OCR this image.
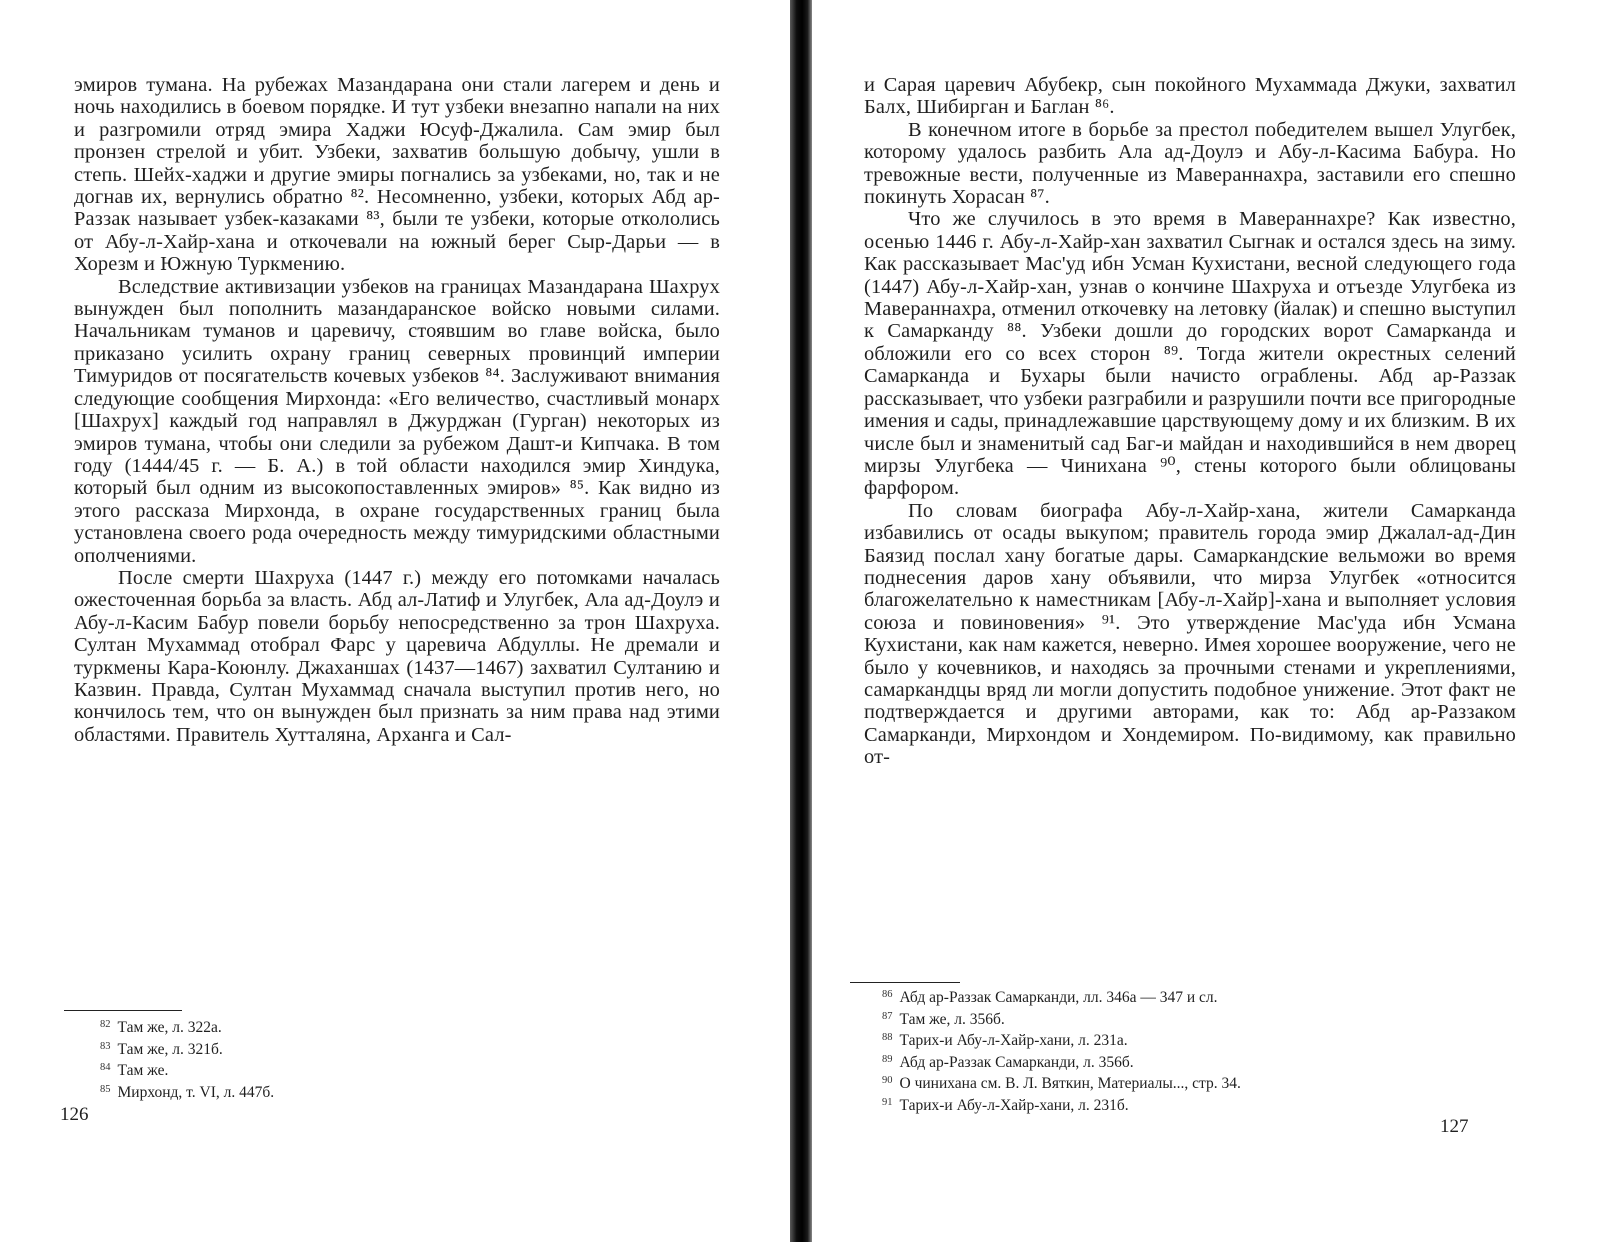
эмиров тумана. На рубежах Мазандарана они стали лагерем и день и ночь находились в боевом порядке. И тут узбеки внезапно напали на них и разгромили отряд эмира Хаджи Юсуф-Джалила. Сам эмир был пронзен стрелой и убит. Узбеки, захватив большую добычу, ушли в степь. Шейх-хаджи и другие эмиры погнались за узбеками, но, так и не догнав их, вернулись обратно ⁸². Несомненно, узбеки, которых Абд ар-Раззак называет узбек-казаками ⁸³, были те узбеки, которые откололись от Абу-л-Хайр-хана и откочевали на южный берег Сыр-Дарьи — в Хорезм и Южную Туркмению.

Вследствие активизации узбеков на границах Мазандарана Шахрух вынужден был пополнить мазандаранское войско новыми силами. Начальникам туманов и царевичу, стоявшим во главе войска, было приказано усилить охрану границ северных провинций империи Тимуридов от посягательств кочевых узбеков ⁸⁴. Заслуживают внимания следующие сообщения Мирхонда: «Его величество, счастливый монарх [Шахрух] каждый год направлял в Джурджан (Гурган) некоторых из эмиров тумана, чтобы они следили за рубежом Дашт-и Кипчака. В том году (1444/45 г. — Б. А.) в той области находился эмир Хиндука, который был одним из высокопоставленных эмиров» ⁸⁵. Как видно из этого рассказа Мирхонда, в охране государственных границ была установлена своего рода очередность между тимуридскими областными ополчениями.

После смерти Шахруха (1447 г.) между его потомками началась ожесточенная борьба за власть. Абд ал-Латиф и Улугбек, Ала ад-Доулэ и Абу-л-Касим Бабур повели борьбу непосредственно за трон Шахруха. Султан Мухаммад отобрал Фарс у царевича Абдуллы. Не дремали и туркмены Кара-Коюнлу. Джаханшах (1437—1467) захватил Султанию и Казвин. Правда, Султан Мухаммад сначала выступил против него, но кончилось тем, что он вынужден был признать за ним права над этими областями. Правитель Хутталяна, Арханга и Сал-

$^{82}$ Там же, л. 322а.
$^{83}$ Там же, л. 321б.
$^{84}$ Там же.
$^{85}$ Мирхонд, т. VI, л. 447б.
126

и Сарая царевич Абубекр, сын покойного Мухаммада Джуки, захватил Балх, Шибирган и Баглан ⁸⁶.

В конечном итоге в борьбе за престол победителем вышел Улугбек, которому удалось разбить Ала ад-Доулэ и Абу-л-Касима Бабура. Но тревожные вести, полученные из Мавераннахра, заставили его спешно покинуть Хорасан ⁸⁷.

Что же случилось в это время в Мавераннахре? Как известно, осенью 1446 г. Абу-л-Хайр-хан захватил Сыгнак и остался здесь на зиму. Как рассказывает Мас'уд ибн Усман Кухистани, весной следующего года (1447) Абу-л-Хайр-хан, узнав о кончине Шахруха и отъезде Улугбека из Мавераннахра, отменил откочевку на летовку (йалак) и спешно выступил к Самарканду ⁸⁸. Узбеки дошли до городских ворот Самарканда и обложили его со всех сторон ⁸⁹. Тогда жители окрестных селений Самарканда и Бухары были начисто ограблены. Абд ар-Раззак рассказывает, что узбеки разграбили и разрушили почти все пригородные имения и сады, принадлежавшие царствующему дому и их близким. В их числе был и знаменитый сад Баг-и майдан и находившийся в нем дворец мирзы Улугбека — Чинихана ⁹⁰, стены которого были облицованы фарфором.

По словам биографа Абу-л-Хайр-хана, жители Самарканда избавились от осады выкупом; правитель города эмир Джалал-ад-Дин Баязид послал хану богатые дары. Самаркандские вельможи во время поднесения даров хану объявили, что мирза Улугбек «относится благожелательно к наместникам [Абу-л-Хайр]-хана и выполняет условия союза и повиновения» ⁹¹. Это утверждение Мас'уда ибн Усмана Кухистани, как нам кажется, неверно. Имея хорошее вооружение, чего не было у кочевников, и находясь за прочными стенами и укреплениями, самаркандцы вряд ли могли допустить подобное унижение. Этот факт не подтверждается и другими авторами, как то: Абд ар-Раззаком Самарканди, Мирхондом и Хондемиром. По-видимому, как правильно от-

$^{86}$ Абд ар-Раззак Самарканди, лл. 346а — 347 и сл.
$^{87}$ Там же, л. 356б.
$^{88}$ Тарих-и Абу-л-Хайр-хани, л. 231а.
$^{89}$ Абд ар-Раззак Самарканди, л. 356б.
$^{90}$ О чинихана см. В. Л. Вяткин, Материалы..., стр. 34.
$^{91}$ Тарих-и Абу-л-Хайр-хани, л. 231б.
127
